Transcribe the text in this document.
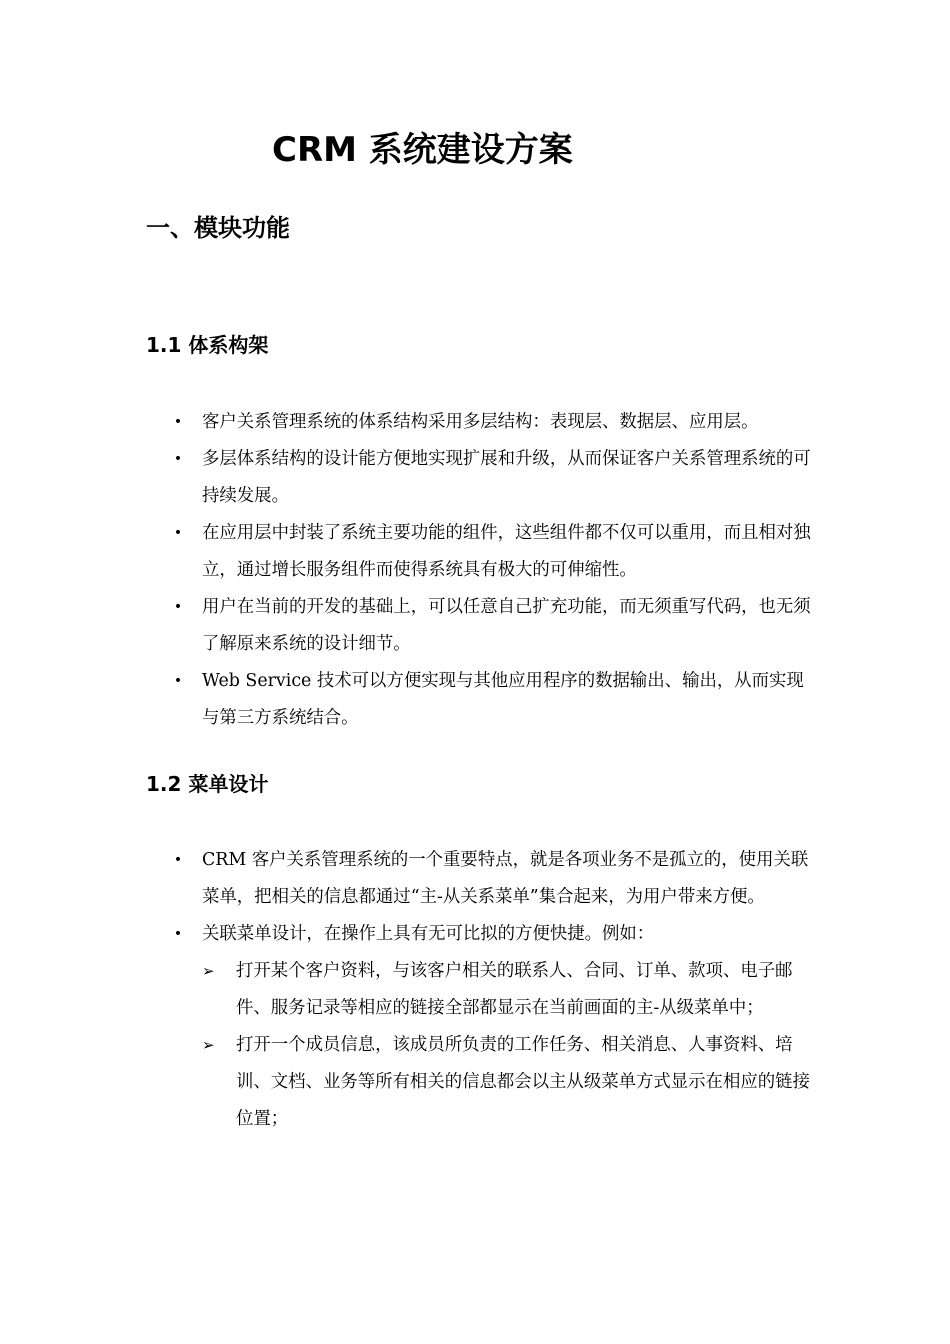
CRM 系统建设方案
一、模块功能
1.1 体系构架
• 客户关系管理系统的体系结构采用多层结构：表现层、数据层、应用层。
• 多层体系结构的设计能方便地实现扩展和升级，从而保证客户关系管理系统的可持续发展。
• 在应用层中封装了系统主要功能的组件，这些组件都不仅可以重用，而且相对独立，通过增长服务组件而使得系统具有极大的可伸缩性。
• 用户在当前的开发的基础上，可以任意自己扩充功能，而无须重写代码，也无须了解原来系统的设计细节。
• Web Service 技术可以方便实现与其他应用程序的数据输出、输出，从而实现与第三方系统结合。
1.2 菜单设计
• CRM 客户关系管理系统的一个重要特点，就是各项业务不是孤立的，使用关联菜单，把相关的信息都通过“主-从关系菜单”集合起来，为用户带来方便。
• 关联菜单设计，在操作上具有无可比拟的方便快捷。例如：
➢	打开某个客户资料，与该客户相关的联系人、合同、订单、款项、电子邮件、服务记录等相应的链接全部都显示在当前画面的主-从级菜单中；
➢	打开一个成员信息，该成员所负责的工作任务、相关消息、人事资料、培训、文档、业务等所有相关的信息都会以主从级菜单方式显示在相应的链接位置；
